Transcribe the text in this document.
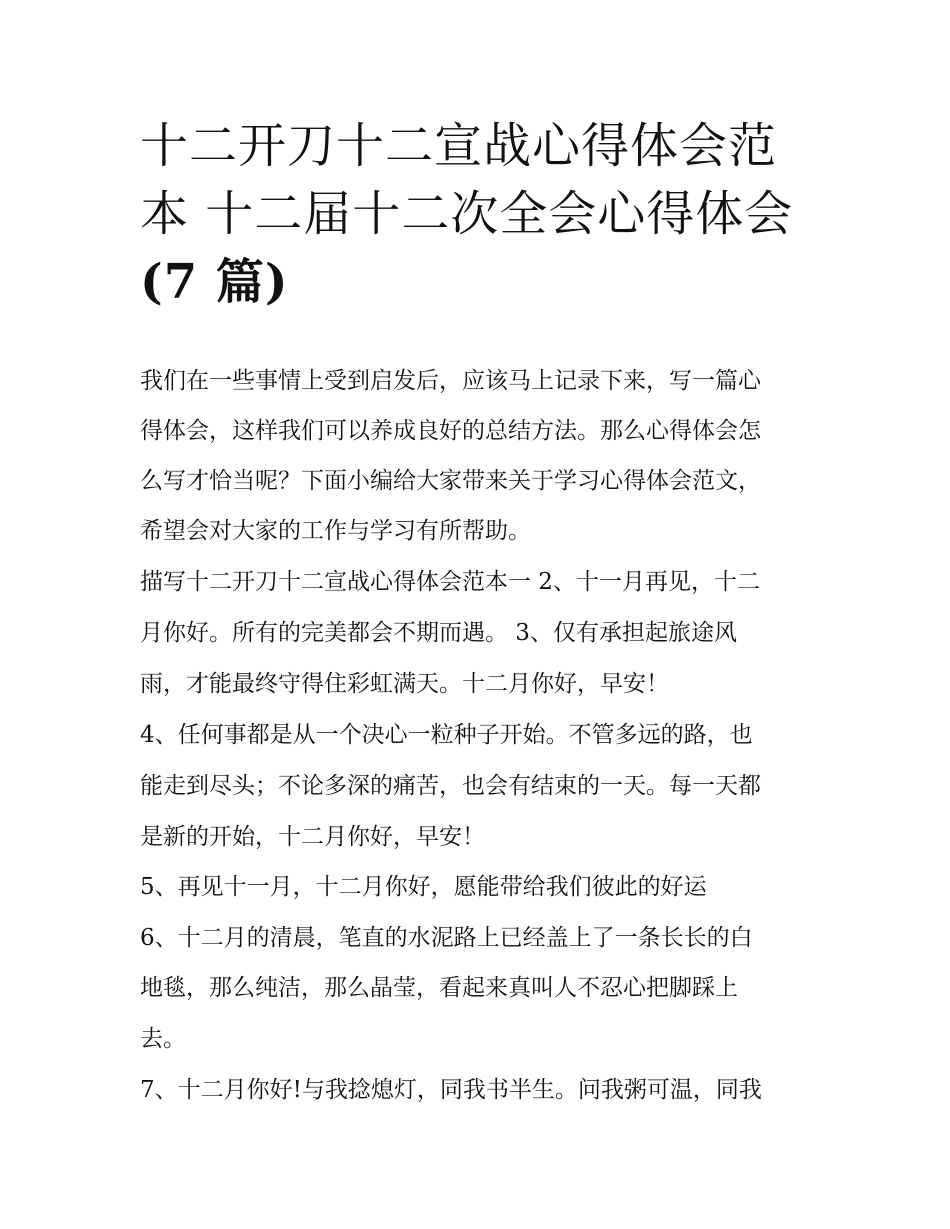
十二开刀十二宣战心得体会范
本 十二届十二次全会心得体会
(7 篇)

我们在一些事情上受到启发后，应该马上记录下来，写一篇心

得体会，这样我们可以养成良好的总结方法。那么心得体会怎

么写才恰当呢？下面小编给大家带来关于学习心得体会范文，

希望会对大家的工作与学习有所帮助。

描写十二开刀十二宣战心得体会范本一 2、十一月再见，十二

月你好。所有的完美都会不期而遇。 3、仅有承担起旅途风

雨，才能最终守得住彩虹满天。十二月你好，早安！

4、任何事都是从一个决心一粒种子开始。不管多远的路，也

能走到尽头；不论多深的痛苦，也会有结束的一天。每一天都

是新的开始，十二月你好，早安！

5、再见十一月，十二月你好，愿能带给我们彼此的好运

6、十二月的清晨，笔直的水泥路上已经盖上了一条长长的白

地毯，那么纯洁，那么晶莹，看起来真叫人不忍心把脚踩上

去。

7、十二月你好!与我捻熄灯，同我书半生。问我粥可温，同我
